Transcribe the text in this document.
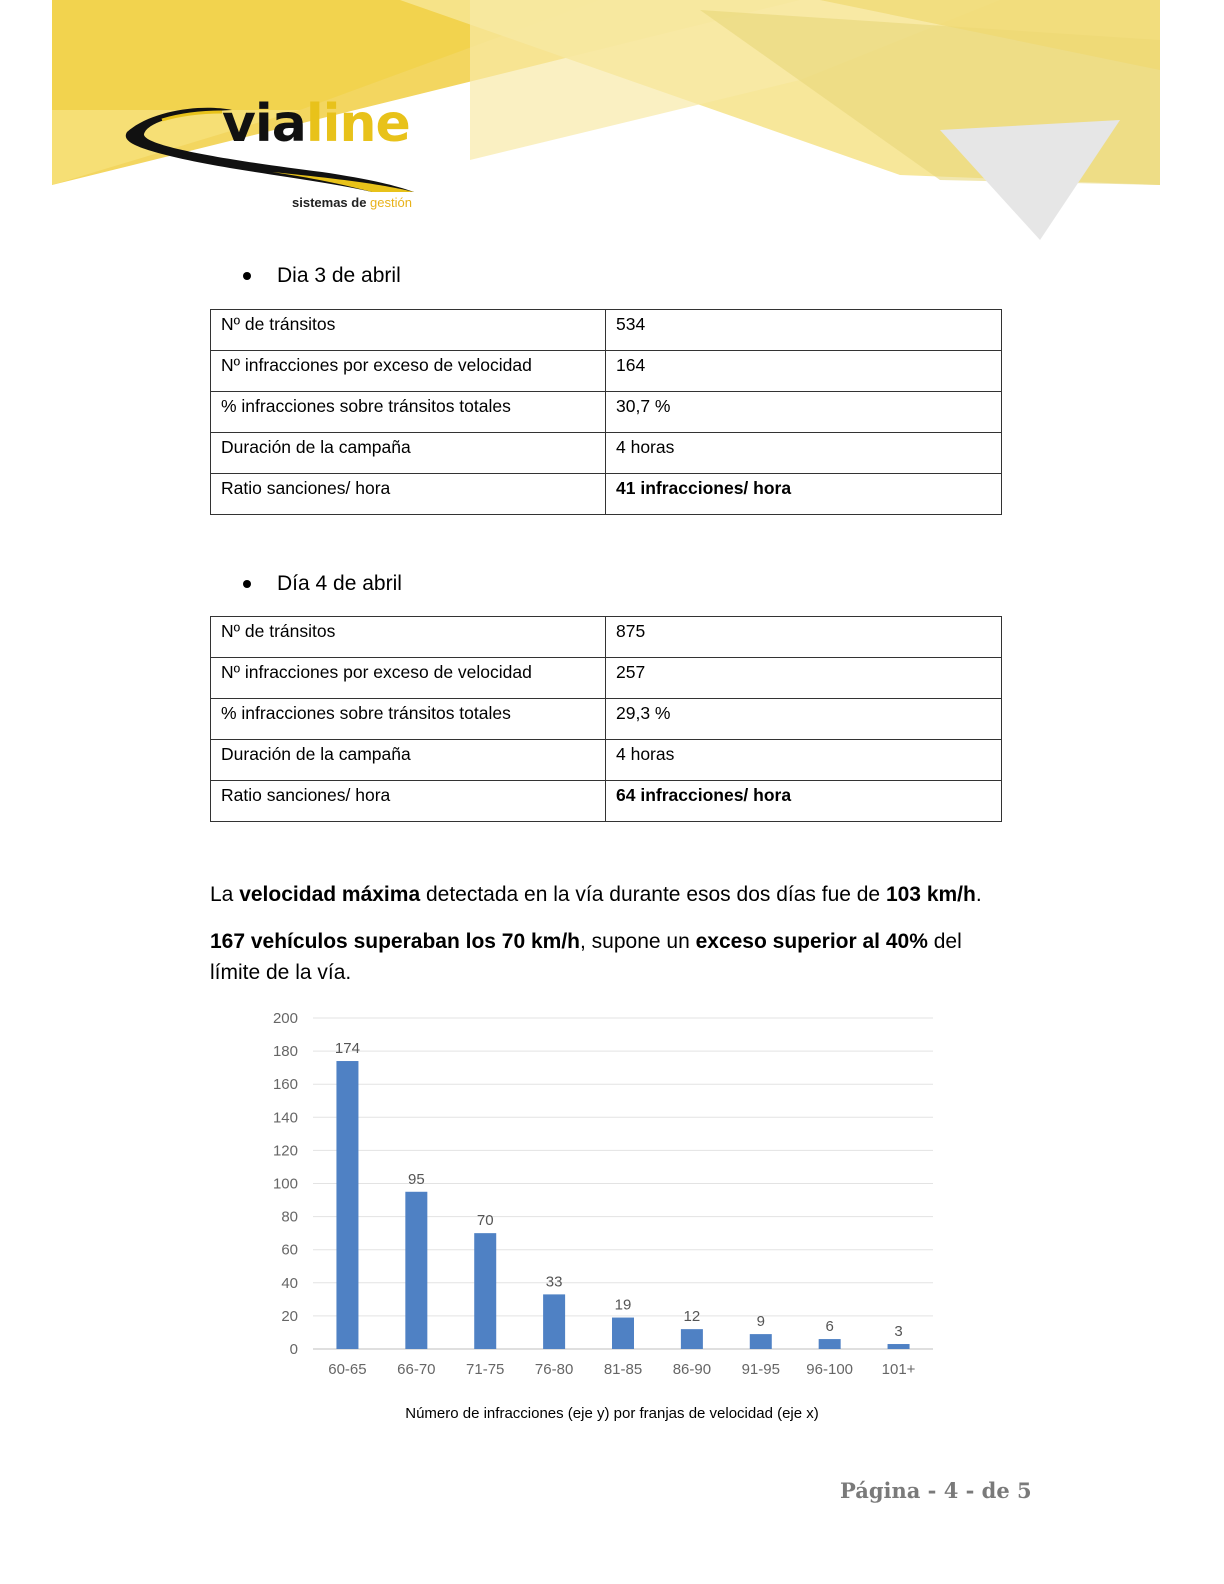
vialine
sistemas de gestión
Dia 3 de abril
Nº de tránsitos	534
Nº infracciones por exceso de velocidad	164
% infracciones sobre tránsitos totales	30,7 %
Duración de la campaña	4 horas
Ratio sanciones/ hora	41 infracciones/ hora
Día 4 de abril
Nº de tránsitos	875
Nº infracciones por exceso de velocidad	257
% infracciones sobre tránsitos totales	29,3 %
Duración de la campaña	4 horas
Ratio sanciones/ hora	64 infracciones/ hora
La velocidad máxima detectada en la vía durante esos dos días fue de 103 km/h.
167 vehículos superaban los 70 km/h, supone un exceso superior al 40% del límite de la vía.
0
20
40
60
80
100
120
140
160
180
200
174
60-65
95
66-70
70
71-75
33
76-80
19
81-85
12
86-90
9
91-95
6
96-100
3
101+
Número de infracciones (eje y) por franjas de velocidad (eje x)
Página - 4 - de 5
